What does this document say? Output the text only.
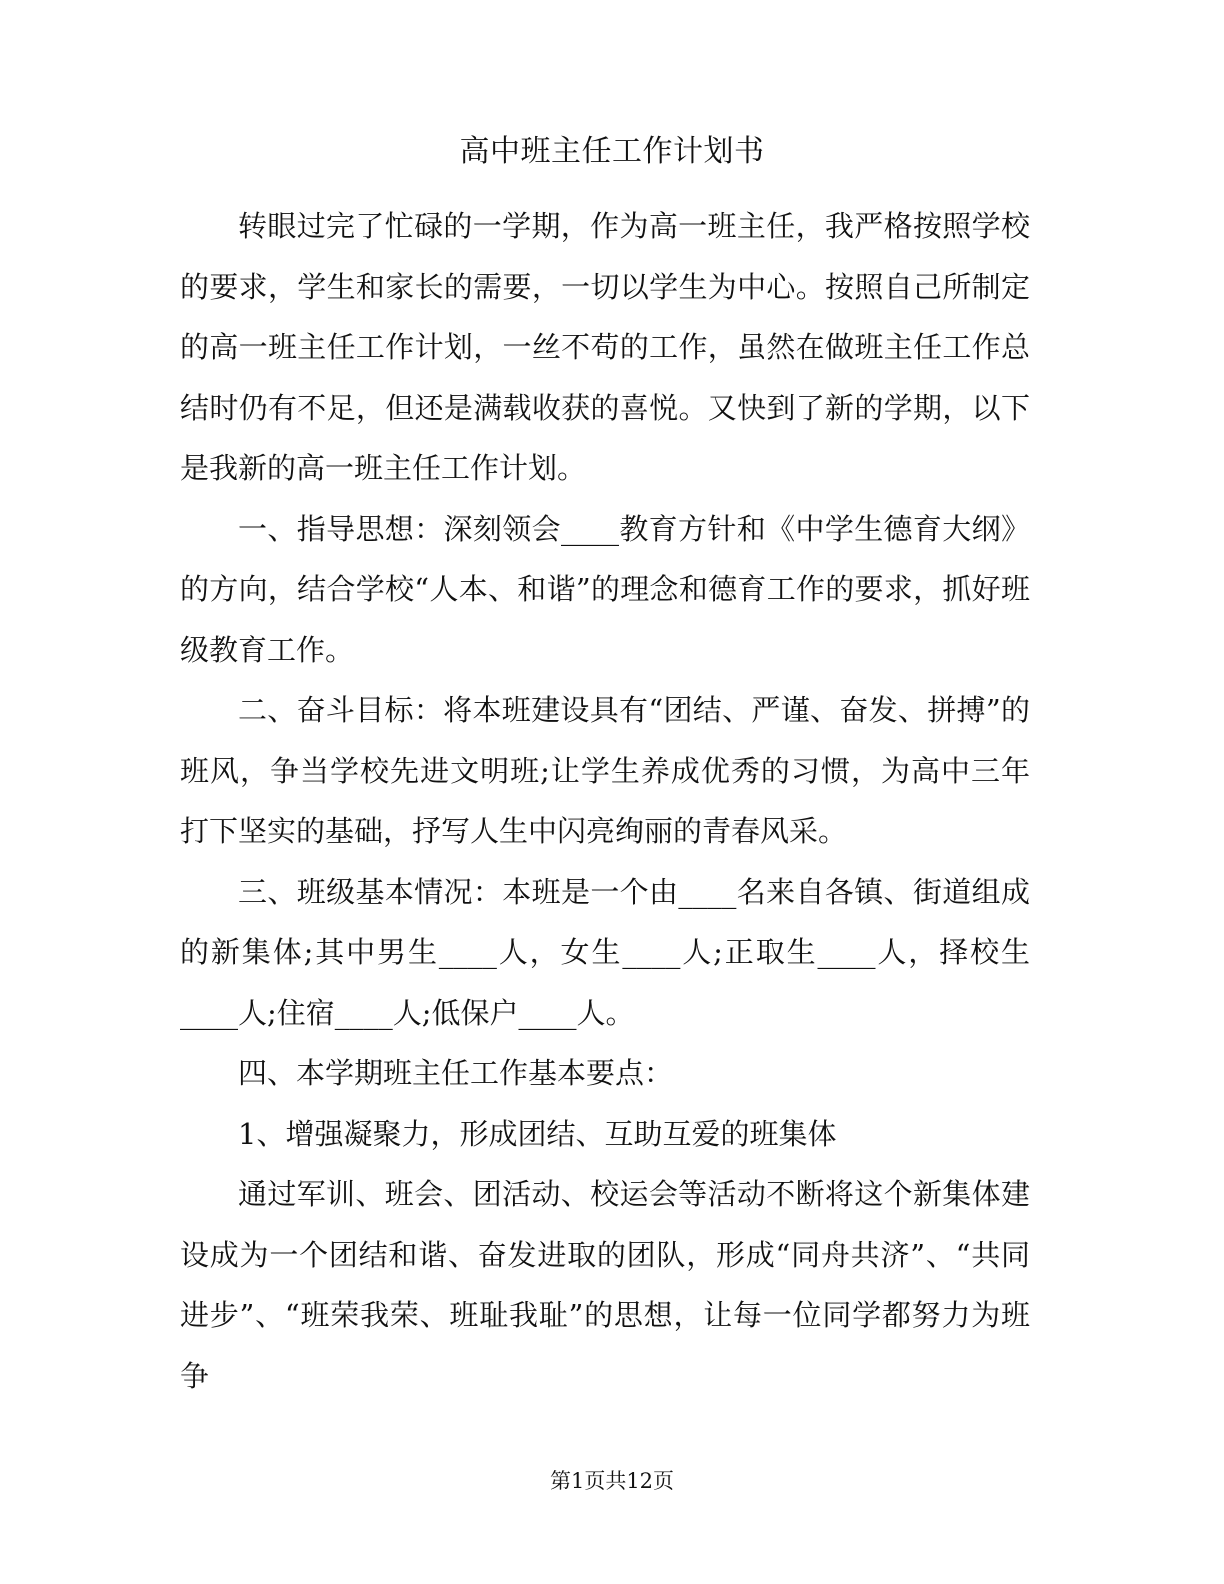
高中班主任工作计划书

转眼过完了忙碌的一学期，作为高一班主任，我严格按照学校的要求，学生和家长的需要，一切以学生为中心。按照自己所制定的高一班主任工作计划，一丝不苟的工作，虽然在做班主任工作总结时仍有不足，但还是满载收获的喜悦。又快到了新的学期，以下是我新的高一班主任工作计划。

一、指导思想：深刻领会____教育方针和《中学生德育大纲》的方向，结合学校“人本、和谐”的理念和德育工作的要求，抓好班级教育工作。

二、奋斗目标：将本班建设具有“团结、严谨、奋发、拼搏”的班风，争当学校先进文明班;让学生养成优秀的习惯，为高中三年打下坚实的基础，抒写人生中闪亮绚丽的青春风采。

三、班级基本情况：本班是一个由____名来自各镇、街道组成的新集体;其中男生____人，女生____人;正取生____人，择校生____人;住宿____人;低保户____人。

四、本学期班主任工作基本要点：

1、增强凝聚力，形成团结、互助互爱的班集体

通过军训、班会、团活动、校运会等活动不断将这个新集体建设成为一个团结和谐、奋发进取的团队，形成“同舟共济”、“共同进步”、“班荣我荣、班耻我耻”的思想，让每一位同学都努力为班争

第1页共12页
